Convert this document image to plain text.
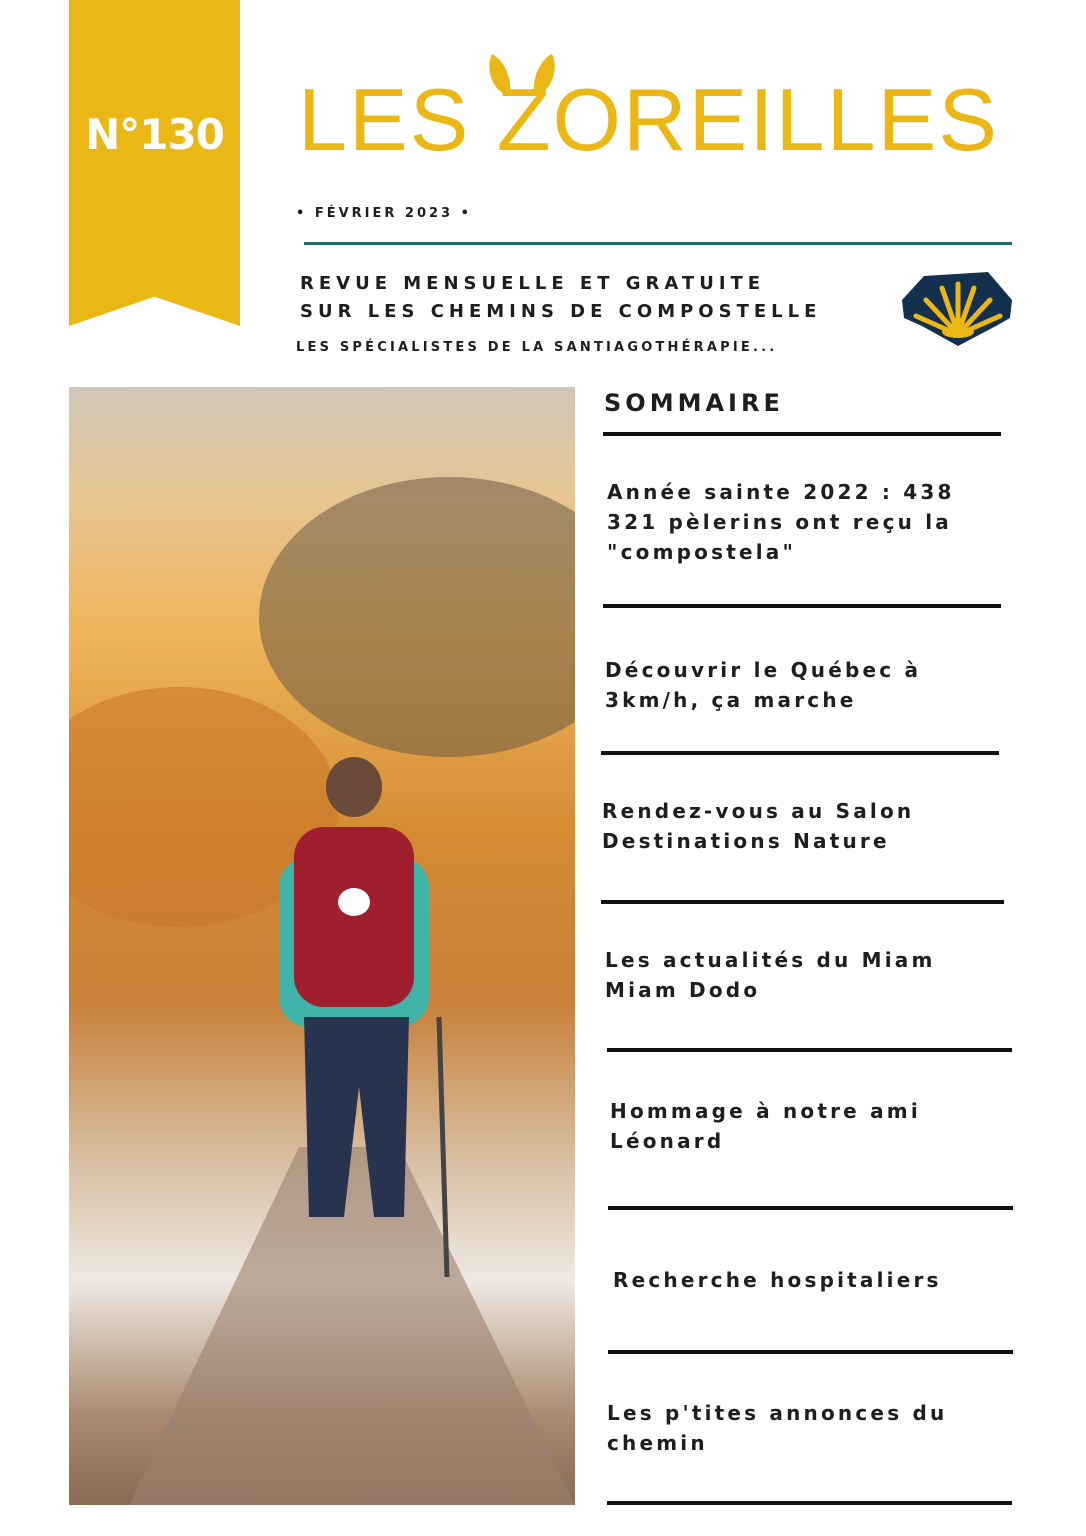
N°130 LES ZOREILLES
• FÉVRIER 2023 •
REVUE MENSUELLE ET GRATUITE
SUR LES CHEMINS DE COMPOSTELLE
LES SPÉCIALISTES DE LA SANTIAGOTHÉRAPIE...
SOMMAIRE
Année sainte 2022 : 438 321 pèlerins ont reçu la "compostela"
Découvrir le Québec à 3km/h, ça marche
Rendez-vous au Salon Destinations Nature
Les actualités du Miam Miam Dodo
Hommage à notre ami Léonard
Recherche hospitaliers
Les p'tites annonces du chemin
